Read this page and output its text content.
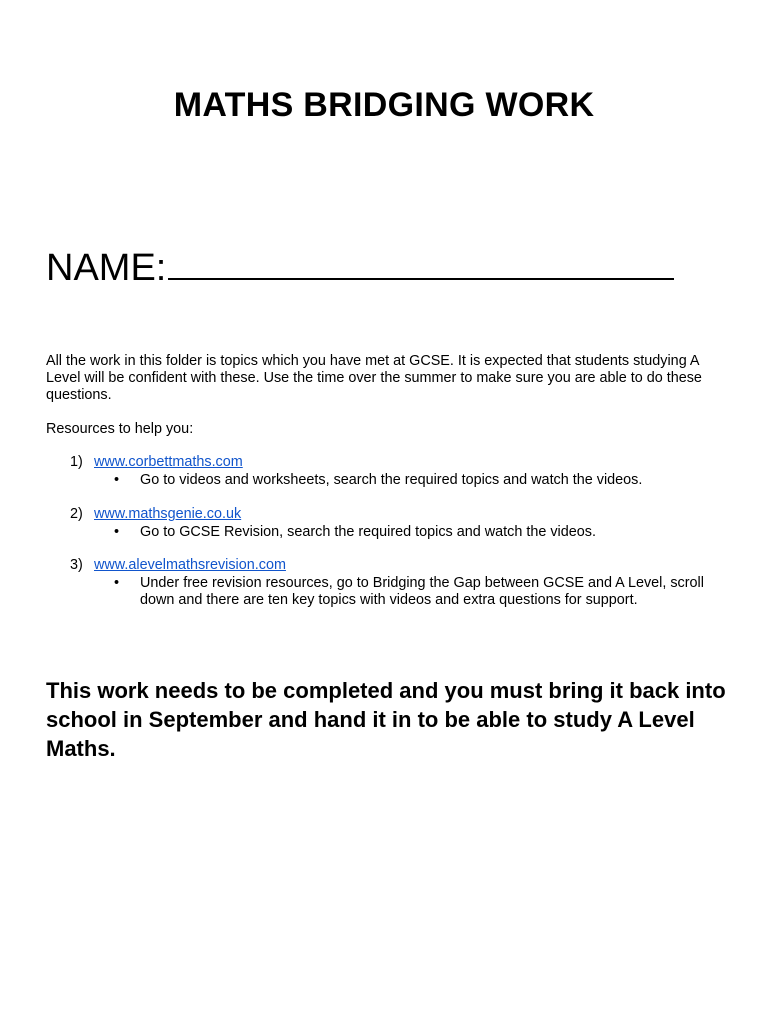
MATHS BRIDGING WORK
NAME:
All the work in this folder is topics which you have met at GCSE. It is expected that students studying A Level will be confident with these. Use the time over the summer to make sure you are able to do these questions.
Resources to help you:
1) www.corbettmaths.com
•	Go to videos and worksheets, search the required topics and watch the videos.
2) www.mathsgenie.co.uk
•	Go to GCSE Revision, search the required topics and watch the videos.
3) www.alevelmathsrevision.com
•	Under free revision resources, go to Bridging the Gap between GCSE and A Level, scroll down and there are ten key topics with videos and extra questions for support.
This work needs to be completed and you must bring it back into school in September and hand it in to be able to study A Level Maths.
